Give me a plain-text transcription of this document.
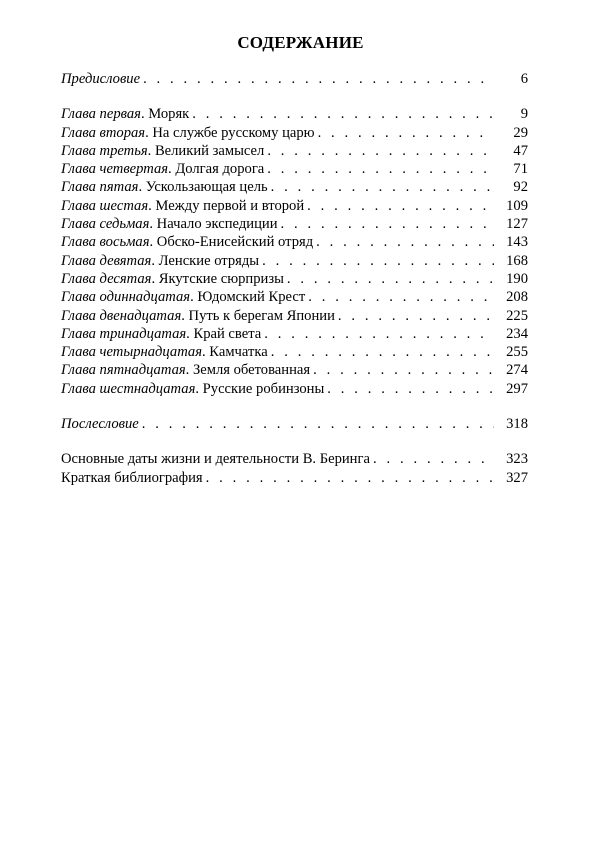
СОДЕРЖАНИЕ
Предисловие . . .	6
Глава первая. Моряк . . .	9
Глава вторая. На службе русскому царю . . .	29
Глава третья. Великий замысел . . .	47
Глава четвертая. Долгая дорога . . .	71
Глава пятая. Ускользающая цель . . .	92
Глава шестая. Между первой и второй . . .	109
Глава седьмая. Начало экспедиции . . .	127
Глава восьмая. Обско-Енисейский отряд . . .	143
Глава девятая. Ленские отряды . . .	168
Глава десятая. Якутские сюрпризы . . .	190
Глава одиннадцатая. Юдомский Крест . . .	208
Глава двенадцатая. Путь к берегам Японии . . .	225
Глава тринадцатая. Край света . . .	234
Глава четырнадцатая. Камчатка . . .	255
Глава пятнадцатая. Земля обетованная . . .	274
Глава шестнадцатая. Русские робинзоны . . .	297
Послесловие . . .	318
Основные даты жизни и деятельности В. Беринга . . .	323
Краткая библиография . . .	327
